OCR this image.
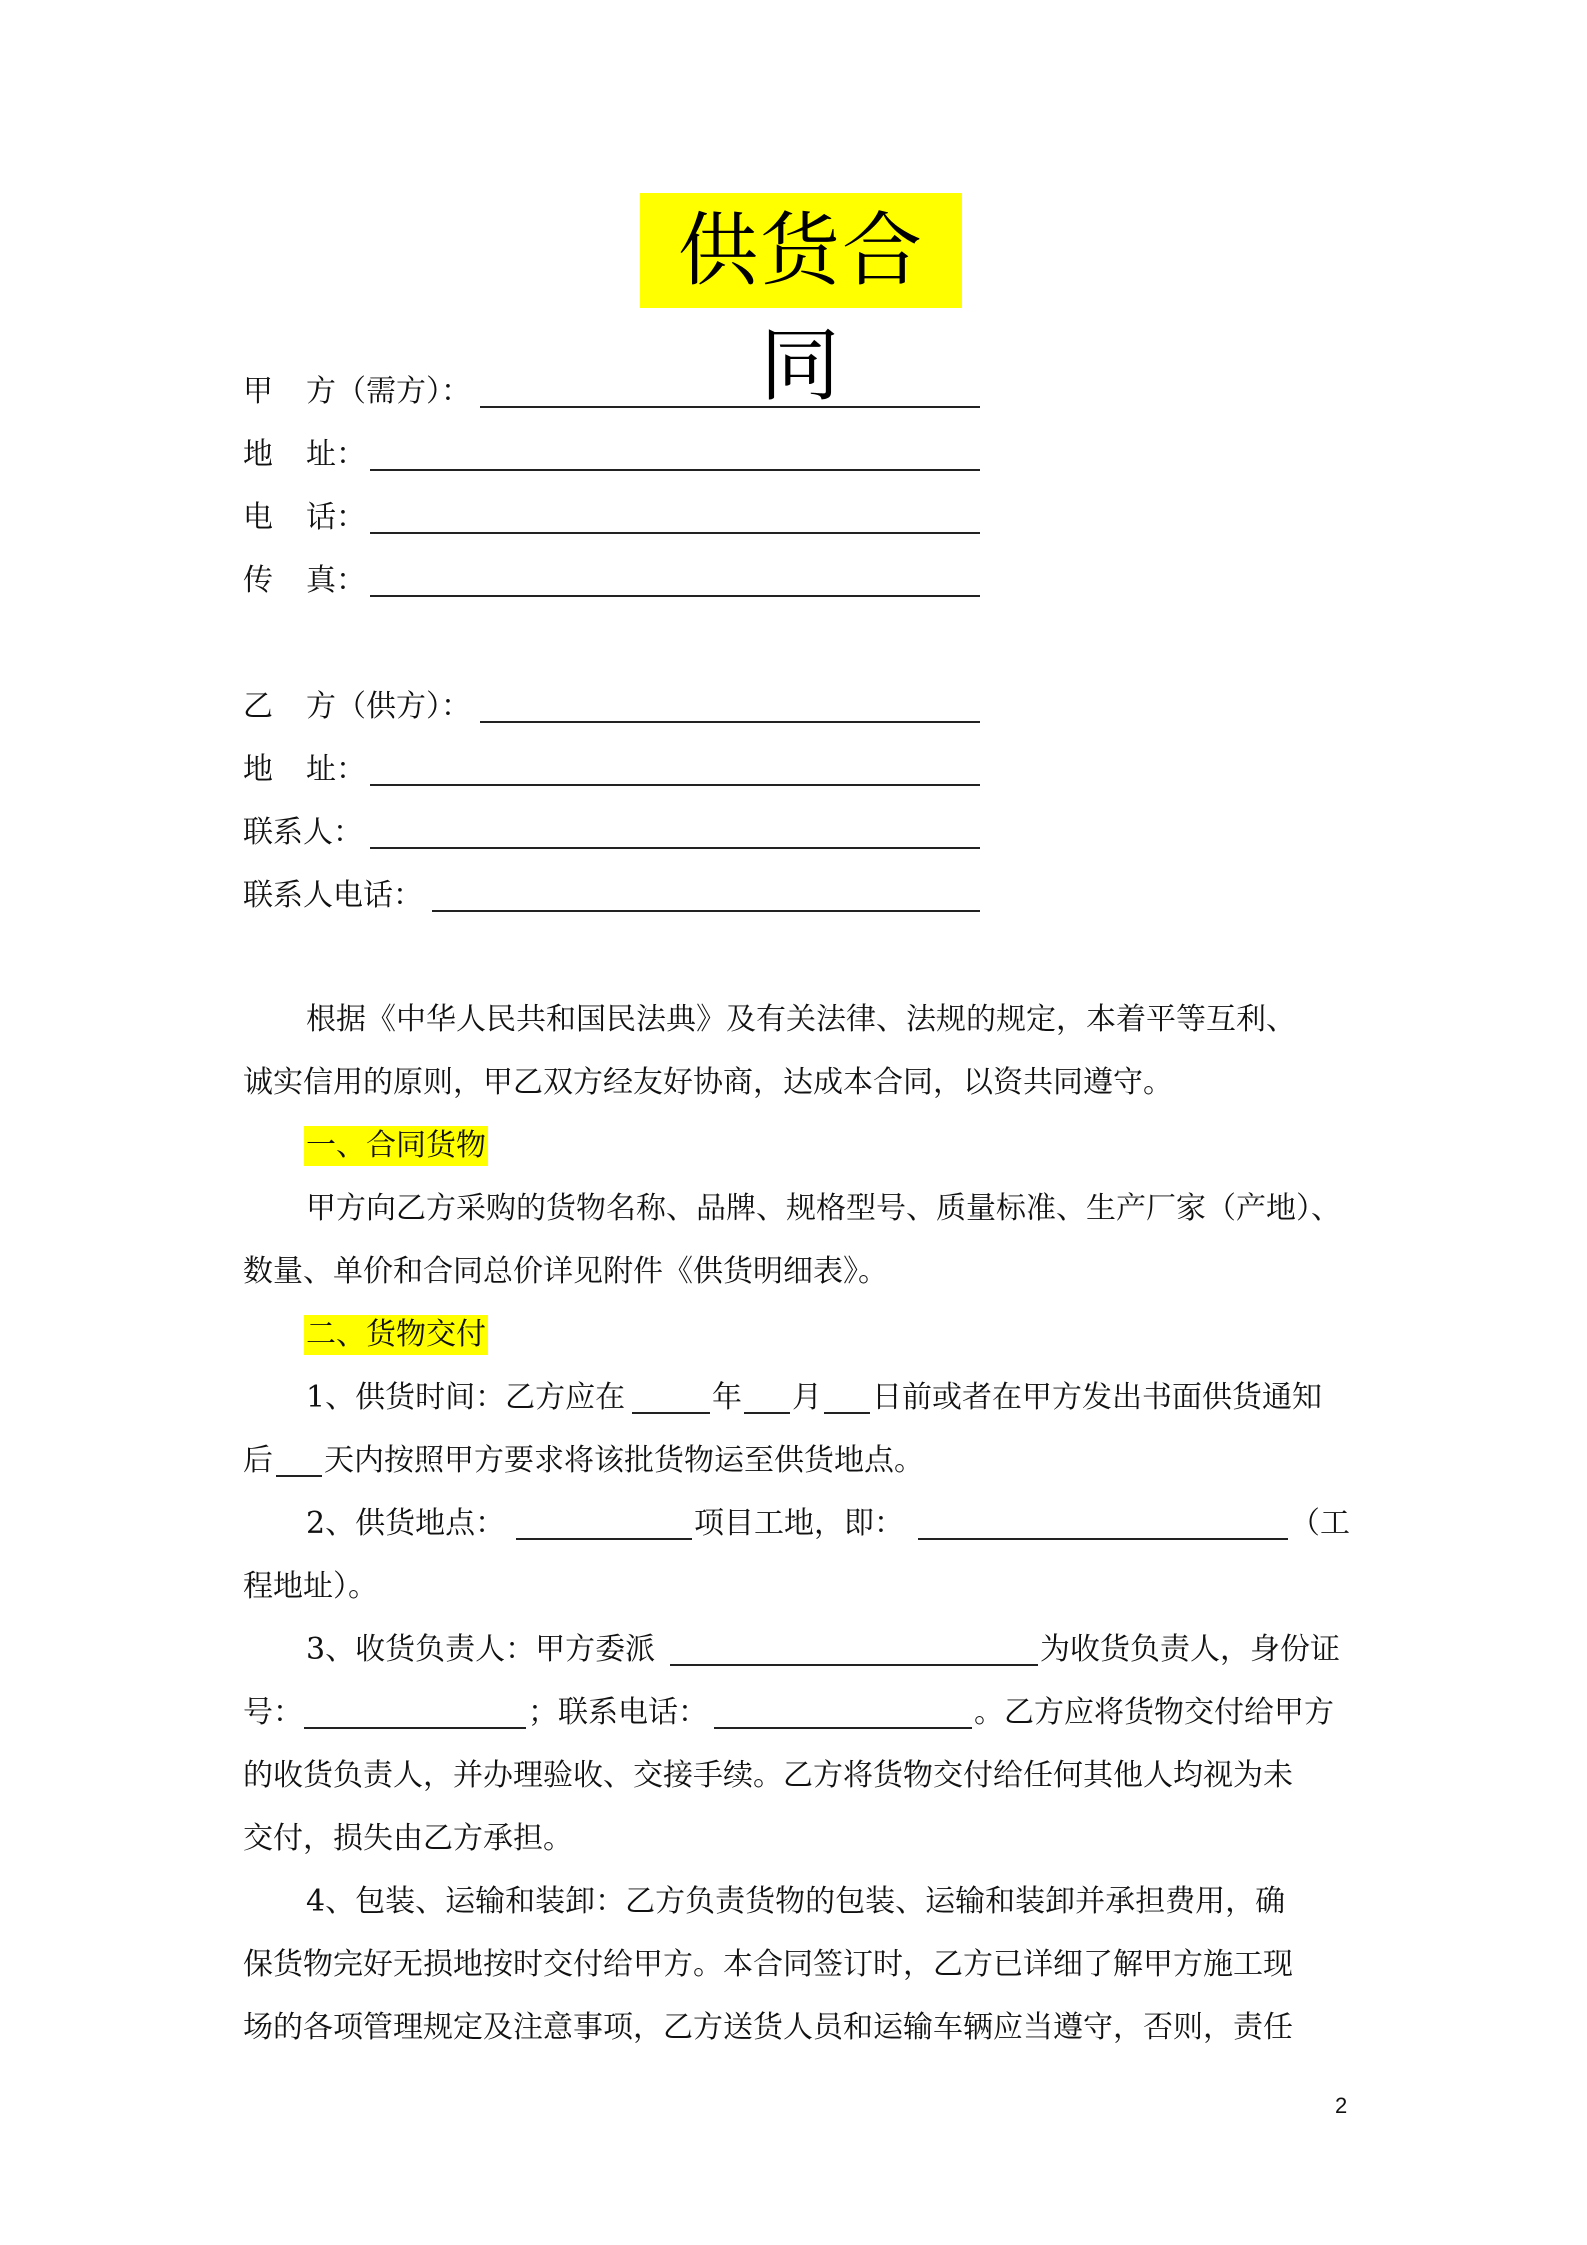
供货合同
甲 方（需方）：
地 址：
电 话：
传 真：
乙 方（供方）：
地 址：
联系人：
联系人电话：
根据《中华人民共和国民法典》及有关法律、法规的规定，本着平等互利、
诚实信用的原则，甲乙双方经友好协商，达成本合同，以资共同遵守。
一、合同货物
甲方向乙方采购的货物名称、品牌、规格型号、质量标准、生产厂家（产地）、
数量、单价和合同总价详见附件《供货明细表》。
二、货物交付
1、供货时间：乙方应在	年 月 日前或者在甲方发出书面供货通知
后 天内按照甲方要求将该批货物运至供货地点。
2、供货地点：	项目工地，即：	（工
程地址）。
3、收货负责人：甲方委派	为收货负责人，身份证
号：	；联系电话：	。乙方应将货物交付给甲方
的收货负责人，并办理验收、交接手续。乙方将货物交付给任何其他人均视为未
交付，损失由乙方承担。
4、包装、运输和装卸：乙方负责货物的包装、运输和装卸并承担费用，确
保货物完好无损地按时交付给甲方。本合同签订时，乙方已详细了解甲方施工现
场的各项管理规定及注意事项，乙方送货人员和运输车辆应当遵守，否则，责任
2
